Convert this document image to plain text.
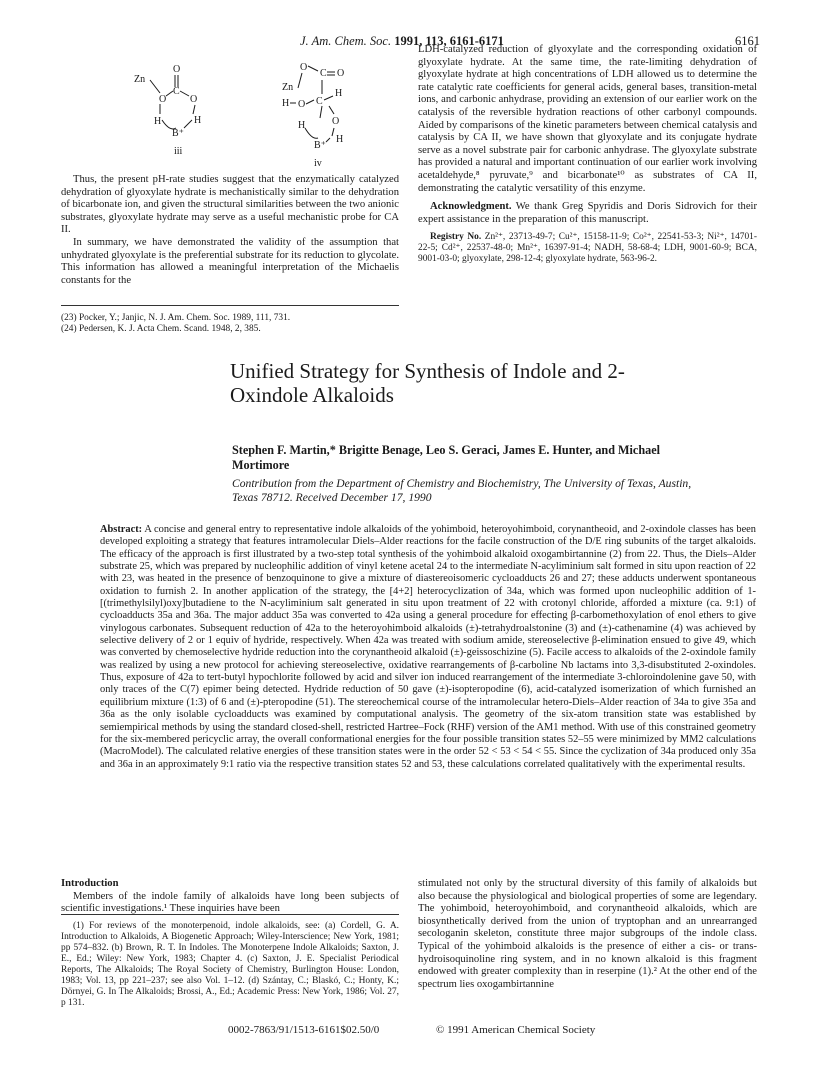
J. Am. Chem. Soc. 1991, 113, 6161-6171	6161
O
Zn
O
C
O
H	H
B⁺
iii
O
C O
Zn
H O C
H
H	O
H
B⁺
iv

Thus, the present pH-rate studies suggest that the enzymatically catalyzed dehydration of glyoxylate hydrate is mechanistically similar to the dehydration of bicarbonate ion, and given the structural similarities between the two anionic substrates, glyoxylate hydrate may serve as a useful mechanistic probe for CA II.

In summary, we have demonstrated the validity of the assumption that unhydrated glyoxylate is the preferential substrate for its reduction to glycolate. This information has allowed a meaningful interpretation of the Michaelis constants for the

(23) Pocker, Y.; Janjic, N. J. Am. Chem. Soc. 1989, 111, 731.

(24) Pedersen, K. J. Acta Chem. Scand. 1948, 2, 385.

LDH-catalyzed reduction of glyoxylate and the corresponding oxidation of glyoxylate hydrate. At the same time, the rate-limiting dehydration of glyoxylate hydrate at high concentrations of LDH allowed us to determine the rate catalytic rate coefficients for general acids, general bases, transition-metal ions, and carbonic anhydrase, providing an extension of our earlier work on the catalysis of the reversible hydration reactions of other carbonyl compounds. Aided by comparisons of the kinetic parameters between chemical catalysis and catalysis by CA II, we have shown that glyoxylate and its conjugate hydrate serve as a novel substrate pair for carbonic anhydrase. The glyoxylate substrate has provided a natural and important continuation of our earlier work involving acetaldehyde,⁸ pyruvate,⁹ and bicarbonate¹⁰ as substrates of CA II, demonstrating the catalytic versatility of this enzyme.

Acknowledgment. We thank Greg Spyridis and Doris Sidrovich for their expert assistance in the preparation of this manuscript.

Registry No. Zn²⁺, 23713-49-7; Cu²⁺, 15158-11-9; Co²⁺, 22541-53-3; Ni²⁺, 14701-22-5; Cd²⁺, 22537-48-0; Mn²⁺, 16397-91-4; NADH, 58-68-4; LDH, 9001-60-9; BCA, 9001-03-0; glyoxylate, 298-12-4; glyoxylate hydrate, 563-96-2.

Unified Strategy for Synthesis of Indole and 2-Oxindole Alkaloids
Stephen F. Martin,* Brigitte Benage, Leo S. Geraci, James E. Hunter, and Michael Mortimore
Contribution from the Department of Chemistry and Biochemistry, The University of Texas, Austin, Texas 78712. Received December 17, 1990
Abstract: A concise and general entry to representative indole alkaloids of the yohimboid, heteroyohimboid, corynantheoid, and 2-oxindole classes has been developed exploiting a strategy that features intramolecular Diels–Alder reactions for the facile construction of the D/E ring subunits of the target alkaloids. The efficacy of the approach is first illustrated by a two-step total synthesis of the yohimboid alkaloid oxogambirtannine (2) from 22. Thus, the Diels–Alder substrate 25, which was prepared by nucleophilic addition of vinyl ketene acetal 24 to the intermediate N-acyliminium salt formed in situ upon reaction of 22 with 23, was heated in the presence of benzoquinone to give a mixture of diastereoisomeric cycloadducts 26 and 27; these adducts underwent spontaneous oxidation to furnish 2. In another application of the strategy, the [4+2] heterocyclization of 34a, which was formed upon nucleophilic addition of 1-[(trimethylsilyl)oxy]butadiene to the N-acyliminium salt generated in situ upon treatment of 22 with crotonyl chloride, afforded a mixture (ca. 9:1) of cycloadducts 35a and 36a. The major adduct 35a was converted to 42a using a general procedure for effecting β-carbomethoxylation of enol ethers to give vinylogous carbonates. Subsequent reduction of 42a to the heteroyohimboid alkaloids (±)-tetrahydroalstonine (3) and (±)-cathenamine (4) was achieved by selective delivery of 2 or 1 equiv of hydride, respectively. When 42a was treated with sodium amide, stereoselective β-elimination ensued to give 49, which was converted by chemoselective hydride reduction into the corynantheoid alkaloid (±)-geissoschizine (5). Facile access to alkaloids of the 2-oxindole family was realized by using a new protocol for achieving stereoselective, oxidative rearrangements of β-carboline Nb lactams into 3,3-disubstituted 2-oxindoles. Thus, exposure of 42a to tert-butyl hypochlorite followed by acid and silver ion induced rearrangement of the intermediate 3-chloroindolenine gave 50, with only traces of the C(7) epimer being detected. Hydride reduction of 50 gave (±)-isopteropodine (6), acid-catalyzed isomerization of which furnished an equilibrium mixture (1:3) of 6 and (±)-pteropodine (51). The stereochemical course of the intramolecular hetero-Diels–Alder reaction of 34a to give 35a and 36a as the only isolable cycloadducts was examined by computational analysis. The geometry of the six-atom transition state was established by semiempirical methods by using the standard closed-shell, restricted Hartree–Fock (RHF) version of the AM1 method. With use of this constrained geometry for the six-membered pericyclic array, the overall conformational energies for the four possible transition states 52–55 were minimized by MM2 calculations (MacroModel). The calculated relative energies of these transition states were in the order 52 < 53 < 54 < 55. Since the cyclization of 34a produced only 35a and 36a in an approximately 9:1 ratio via the respective transition states 52 and 53, these calculations correlated qualitatively with the experimental results.

Introduction

Members of the indole family of alkaloids have long been subjects of scientific investigations.¹ These inquiries have been

(1) For reviews of the monoterpenoid, indole alkaloids, see: (a) Cordell, G. A. Introduction to Alkaloids, A Biogenetic Approach; Wiley-Interscience; New York, 1981; pp 574–832. (b) Brown, R. T. In Indoles. The Monoterpene Indole Alkaloids; Saxton, J. E., Ed.; Wiley: New York, 1983; Chapter 4. (c) Saxton, J. E. Specialist Periodical Reports, The Alkaloids; The Royal Society of Chemistry, Burlington House: London, 1983; Vol. 13, pp 221–237; see also Vol. 1–12. (d) Szántay, C.; Blaskó, C.; Honty, K.; Dörnyei, G. In The Alkaloids; Brossi, A., Ed.; Academic Press: New York, 1986; Vol. 27, p 131.

stimulated not only by the structural diversity of this family of alkaloids but also because the physiological and biological properties of some are legendary. The yohimboid, heteroyohimboid, and corynantheoid alkaloids, which are biosynthetically derived from the union of tryptophan and an unrearranged secologanin skeleton, constitute three major subgroups of the indole class. Typical of the yohimboid alkaloids is the presence of either a cis- or trans-hydroisoquinoline ring system, and in no known alkaloid is this fragment endowed with greater complexity than in reserpine (1).² At the other end of the spectrum lies oxogambirtannine

0002-7863/91/1513-6161$02.50/0	© 1991 American Chemical Society
